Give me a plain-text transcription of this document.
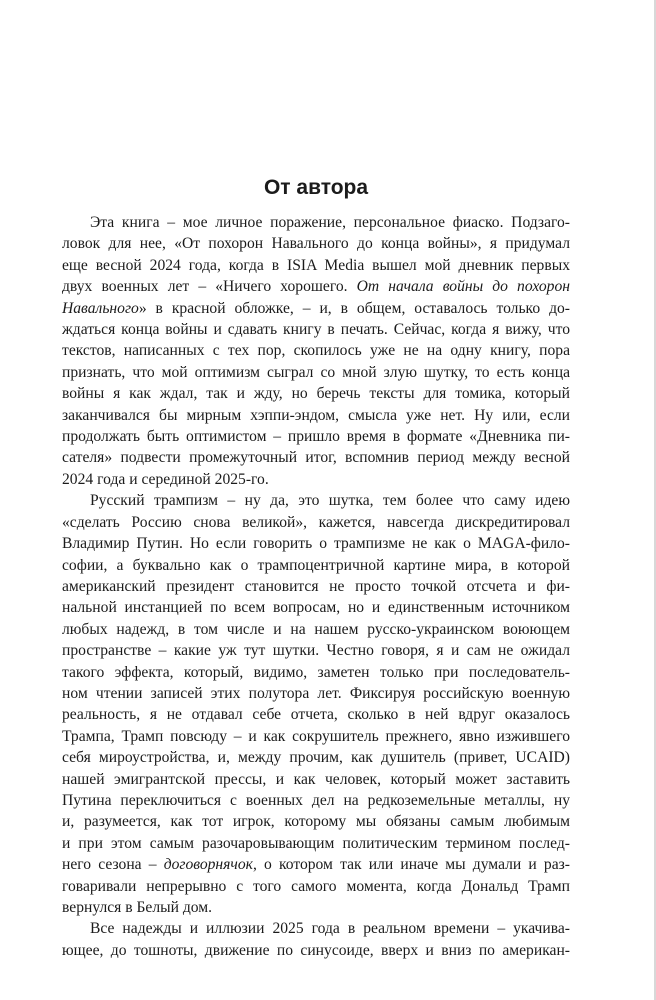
От автора
Эта книга – мое личное поражение, персональное фиаско. Подзаго-
ловок для нее, «От похорон Навального до конца войны», я придумал
еще весной 2024 года, когда в ISIA Media вышел мой дневник первых
двух военных лет – «Ничего хорошего. От начала войны до похорон
Навального» в красной обложке, – и, в общем, оставалось только до-
ждаться конца войны и сдавать книгу в печать. Сейчас, когда я вижу, что
текстов, написанных с тех пор, скопилось уже не на одну книгу, пора
признать, что мой оптимизм сыграл со мной злую шутку, то есть конца
войны я как ждал, так и жду, но беречь тексты для томика, который
заканчивался бы мирным хэппи-эндом, смысла уже нет. Ну или, если
продолжать быть оптимистом – пришло время в формате «Дневника пи-
сателя» подвести промежуточный итог, вспомнив период между весной
2024 года и серединой 2025-го.
Русский трампизм – ну да, это шутка, тем более что саму идею
«сделать Россию снова великой», кажется, навсегда дискредитировал
Владимир Путин. Но если говорить о трампизме не как о MAGA-фило-
софии, а буквально как о трампоцентричной картине мира, в которой
американский президент становится не просто точкой отсчета и фи-
нальной инстанцией по всем вопросам, но и единственным источником
любых надежд, в том числе и на нашем русско-украинском воюющем
пространстве – какие уж тут шутки. Честно говоря, я и сам не ожидал
такого эффекта, который, видимо, заметен только при последователь-
ном чтении записей этих полутора лет. Фиксируя российскую военную
реальность, я не отдавал себе отчета, сколько в ней вдруг оказалось
Трампа, Трамп повсюду – и как сокрушитель прежнего, явно изжившего
себя мироустройства, и, между прочим, как душитель (привет, UCAID)
нашей эмигрантской прессы, и как человек, который может заставить
Путина переключиться с военных дел на редкоземельные металлы, ну
и, разумеется, как тот игрок, которому мы обязаны самым любимым
и при этом самым разочаровывающим политическим термином послед-
него сезона – договорнячок, о котором так или иначе мы думали и раз-
говаривали непрерывно с того самого момента, когда Дональд Трамп
вернулся в Белый дом.
Все надежды и иллюзии 2025 года в реальном времени – укачива-
ющее, до тошноты, движение по синусоиде, вверх и вниз по американ-
